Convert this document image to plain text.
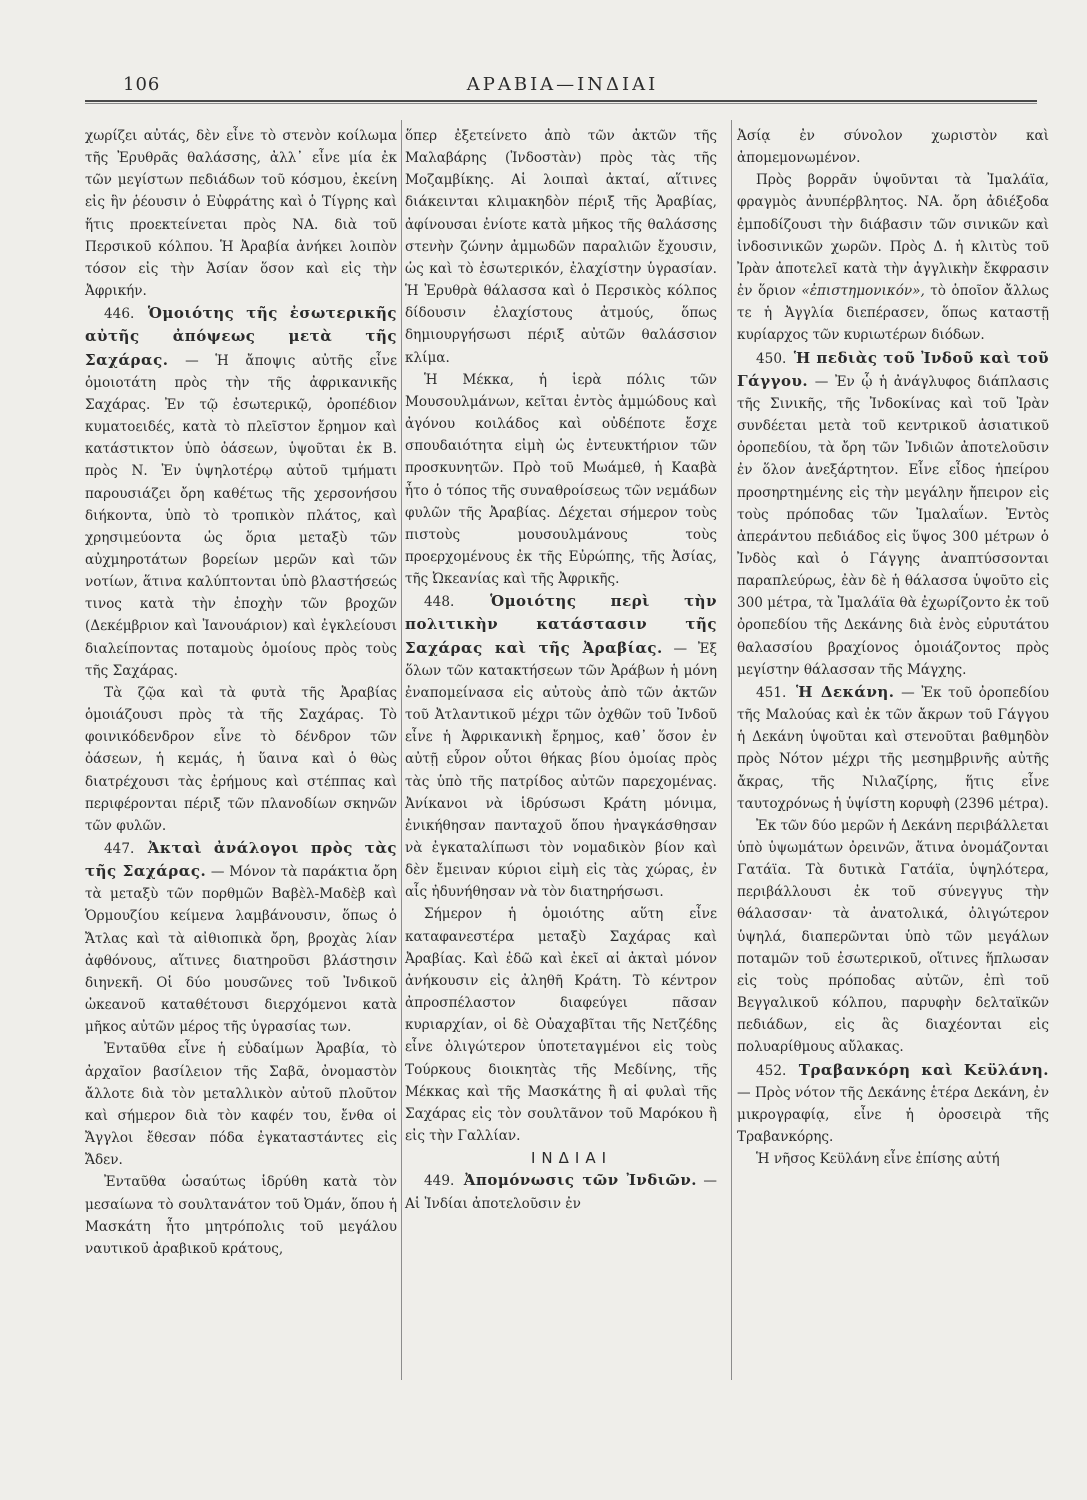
106	ΑΡΑΒΙΑ—ΙΝΔΙΑΙ

χωρίζει αὐτάς, δὲν εἶνε τὸ στενὸν κοίλωμα τῆς Ἐρυθρᾶς θαλάσσης, ἀλλ᾽ εἶνε μία ἐκ τῶν μεγίστων πεδιάδων τοῦ κόσμου, ἐκείνη εἰς ἣν ῥέουσιν ὁ Εὐφράτης καὶ ὁ Τίγρης καὶ ἥτις προεκτείνεται πρὸς ΝΑ. διὰ τοῦ Περσικοῦ κόλπου. Ἡ Ἀραβία ἀνήκει λοιπὸν τόσον εἰς τὴν Ἀσίαν ὅσον καὶ εἰς τὴν Ἀφρικήν.

446. Ὁμοιότης τῆς ἐσωτερικῆς αὐτῆς ἀπόψεως μετὰ τῆς Σαχάρας. — Ἡ ἄποψις αὐτῆς εἶνε ὁμοιοτάτη πρὸς τὴν τῆς ἀφρικανικῆς Σαχάρας. Ἐν τῷ ἐσωτερικῷ, ὀροπέδιον κυματοειδές, κατὰ τὸ πλεῖστον ἔρημον καὶ κατάστικτον ὑπὸ ὀάσεων, ὑψοῦται ἐκ Β. πρὸς Ν. Ἐν ὑψηλοτέρῳ αὐτοῦ τμήματι παρουσιάζει ὄρη καθέτως τῆς χερσονήσου διήκοντα, ὑπὸ τὸ τροπικὸν πλάτος, καὶ χρησιμεύοντα ὡς ὅρια μεταξὺ τῶν αὐχμηροτάτων βορείων μερῶν καὶ τῶν νοτίων, ἅτινα καλύπτονται ὑπὸ βλαστήσεώς τινος κατὰ τὴν ἐποχὴν τῶν βροχῶν (Δεκέμβριον καὶ Ἰανουάριον) καὶ ἐγκλείουσι διαλείποντας ποταμοὺς ὁμοίους πρὸς τοὺς τῆς Σαχάρας.

Τὰ ζῷα καὶ τὰ φυτὰ τῆς Ἀραβίας ὁμοιάζουσι πρὸς τὰ τῆς Σαχάρας. Τὸ φοινικόδενδρον εἶνε τὸ δένδρον τῶν ὀάσεων, ἡ κεμάς, ἡ ὕαινα καὶ ὁ θὼς διατρέχουσι τὰς ἐρήμους καὶ στέππας καὶ περιφέρονται πέριξ τῶν πλανοδίων σκηνῶν τῶν φυλῶν.

447. Ἀκταὶ ἀνάλογοι πρὸς τὰς τῆς Σαχάρας. — Μόνον τὰ παράκτια ὄρη τὰ μεταξὺ τῶν πορθμῶν Βαβὲλ-Μαδὲβ καὶ Ὁρμουζίου κείμενα λαμβάνουσιν, ὅπως ὁ Ἄτλας καὶ τὰ αἰθιοπικὰ ὄρη, βροχὰς λίαν ἀφθόνους, αἵτινες διατηροῦσι βλάστησιν διηνεκῆ. Οἱ δύο μουσῶνες τοῦ Ἰνδικοῦ ὠκεανοῦ καταθέτουσι διερχόμενοι κατὰ μῆκος αὐτῶν μέρος τῆς ὑγρασίας των.

Ἐνταῦθα εἶνε ἡ εὐδαίμων Ἀραβία, τὸ ἀρχαῖον βασίλειον τῆς Σαβᾶ, ὀνομαστὸν ἄλλοτε διὰ τὸν μεταλλικὸν αὐτοῦ πλοῦτον καὶ σήμερον διὰ τὸν καφέν του, ἔνθα οἱ Ἄγγλοι ἔθεσαν πόδα ἐγκαταστάντες εἰς Ἄδεν.

Ἐνταῦθα ὡσαύτως ἱδρύθη κατὰ τὸν μεσαίωνα τὸ σουλτανάτον τοῦ Ὀμάν, ὅπου ἡ Μασκάτη ἦτο μητρόπολις τοῦ μεγάλου ναυτικοῦ ἀραβικοῦ κράτους,

ὅπερ ἐξετείνετο ἀπὸ τῶν ἀκτῶν τῆς Μαλαβάρης (Ἰνδοστὰν) πρὸς τὰς τῆς Μοζαμβίκης. Αἱ λοιπαὶ ἀκταί, αἵτινες διάκεινται κλιμακηδὸν πέριξ τῆς Ἀραβίας, ἀφίνουσαι ἐνίοτε κατὰ μῆκος τῆς θαλάσσης στενὴν ζώνην ἀμμωδῶν παραλιῶν ἔχουσιν, ὡς καὶ τὸ ἐσωτερικόν, ἐλαχίστην ὑγρασίαν. Ἡ Ἐρυθρὰ θάλασσα καὶ ὁ Περσικὸς κόλπος δίδουσιν ἐλαχίστους ἀτμούς, ὅπως δημιουργήσωσι πέριξ αὐτῶν θαλάσσιον κλίμα.

Ἡ Μέκκα, ἡ ἱερὰ πόλις τῶν Μουσουλμάνων, κεῖται ἐντὸς ἀμμώδους καὶ ἀγόνου κοιλάδος καὶ οὐδέποτε ἔσχε σπουδαιότητα εἰμὴ ὡς ἐντευκτήριον τῶν προσκυνητῶν. Πρὸ τοῦ Μωάμεθ, ἡ Κααβὰ ἦτο ὁ τόπος τῆς συναθροίσεως τῶν νεμάδων φυλῶν τῆς Ἀραβίας. Δέχεται σήμερον τοὺς πιστοὺς μουσουλμάνους τοὺς προερχομένους ἐκ τῆς Εὐρώπης, τῆς Ἀσίας, τῆς Ὠκεανίας καὶ τῆς Ἀφρικῆς.

448. Ὁμοιότης περὶ τὴν πολιτικὴν κατάστασιν τῆς Σαχάρας καὶ τῆς Ἀραβίας. — Ἐξ ὅλων τῶν κατακτήσεων τῶν Ἀράβων ἡ μόνη ἐναπομείνασα εἰς αὐτοὺς ἀπὸ τῶν ἀκτῶν τοῦ Ἀτλαντικοῦ μέχρι τῶν ὀχθῶν τοῦ Ἰνδοῦ εἶνε ἡ Ἀφρικανικὴ ἔρημος, καθ᾽ ὅσον ἐν αὐτῇ εὗρον οὗτοι θήκας βίου ὁμοίας πρὸς τὰς ὑπὸ τῆς πατρίδος αὐτῶν παρεχομένας. Ἀνίκανοι νὰ ἱδρύσωσι Κράτη μόνιμα, ἐνικήθησαν πανταχοῦ ὅπου ἠναγκάσθησαν νὰ ἐγκαταλίπωσι τὸν νομαδικὸν βίον καὶ δὲν ἔμειναν κύριοι εἰμὴ εἰς τὰς χώρας, ἐν αἷς ἠδυνήθησαν νὰ τὸν διατηρήσωσι.

Σήμερον ἡ ὁμοιότης αὕτη εἶνε καταφανεστέρα μεταξὺ Σαχάρας καὶ Ἀραβίας. Καὶ ἐδῶ καὶ ἐκεῖ αἱ ἀκταὶ μόνον ἀνήκουσιν εἰς ἀληθῆ Κράτη. Τὸ κέντρον ἀπροσπέλαστον διαφεύγει πᾶσαν κυριαρχίαν, οἱ δὲ Οὐαχαβῖται τῆς Νετζέδης εἶνε ὀλιγώτερον ὑποτεταγμένοι εἰς τοὺς Τούρκους διοικητὰς τῆς Μεδίνης, τῆς Μέκκας καὶ τῆς Μασκάτης ἢ αἱ φυλαὶ τῆς Σαχάρας εἰς τὸν σουλτᾶνον τοῦ Μαρόκου ἢ εἰς τὴν Γαλλίαν.

ΙΝΔΙΑΙ

449. Ἀπομόνωσις τῶν Ἰνδιῶν. — Αἱ Ἰνδίαι ἀποτελοῦσιν ἐν

Ἀσίᾳ ἐν σύνολον χωριστὸν καὶ ἀπομεμονωμένον.

Πρὸς βορρᾶν ὑψοῦνται τὰ Ἰμαλάϊα, φραγμὸς ἀνυπέρβλητος. ΝΑ. ὄρη ἀδιέξοδα ἐμποδίζουσι τὴν διάβασιν τῶν σινικῶν καὶ ἰνδοσινικῶν χωρῶν. Πρὸς Δ. ἡ κλιτὺς τοῦ Ἰρὰν ἀποτελεῖ κατὰ τὴν ἀγγλικὴν ἔκφρασιν ἐν ὅριον «ἐπιστημονικόν», τὸ ὁποῖον ἄλλως τε ἡ Ἀγγλία διεπέρασεν, ὅπως καταστῇ κυρίαρχος τῶν κυριωτέρων διόδων.

450. Ἡ πεδιὰς τοῦ Ἰνδοῦ καὶ τοῦ Γάγγου. — Ἐν ᾧ ἡ ἀνάγλυφος διάπλασις τῆς Σινικῆς, τῆς Ἰνδοκίνας καὶ τοῦ Ἰρὰν συνδέεται μετὰ τοῦ κεντρικοῦ ἀσιατικοῦ ὀροπεδίου, τὰ ὄρη τῶν Ἰνδιῶν ἀποτελοῦσιν ἐν ὅλον ἀνεξάρτητον. Εἶνε εἶδος ἡπείρου προσηρτημένης εἰς τὴν μεγάλην ἤπειρον εἰς τοὺς πρόποδας τῶν Ἰμαλαΐων. Ἐντὸς ἀπεράντου πεδιάδος εἰς ὕψος 300 μέτρων ὁ Ἰνδὸς καὶ ὁ Γάγγης ἀναπτύσσονται παραπλεύρως, ἐὰν δὲ ἡ θάλασσα ὑψοῦτο εἰς 300 μέτρα, τὰ Ἰμαλάϊα θὰ ἐχωρίζοντο ἐκ τοῦ ὀροπεδίου τῆς Δεκάνης διὰ ἑνὸς εὐρυτάτου θαλασσίου βραχίονος ὁμοιάζοντος πρὸς μεγίστην θάλασσαν τῆς Μάγχης.

451. Ἡ Δεκάνη. — Ἐκ τοῦ ὀροπεδίου τῆς Μαλούας καὶ ἐκ τῶν ἄκρων τοῦ Γάγγου ἡ Δεκάνη ὑψοῦται καὶ στενοῦται βαθμηδὸν πρὸς Νότον μέχρι τῆς μεσημβρινῆς αὐτῆς ἄκρας, τῆς Νιλαζίρης, ἥτις εἶνε ταυτοχρόνως ἡ ὑψίστη κορυφὴ (2396 μέτρα).

Ἐκ τῶν δύο μερῶν ἡ Δεκάνη περιβάλλεται ὑπὸ ὑψωμάτων ὀρεινῶν, ἅτινα ὀνομάζονται Γατάϊα. Τὰ δυτικὰ Γατάϊα, ὑψηλότερα, περιβάλλουσι ἐκ τοῦ σύνεγγυς τὴν θάλασσαν· τὰ ἀνατολικά, ὀλιγώτερον ὑψηλά, διαπερῶνται ὑπὸ τῶν μεγάλων ποταμῶν τοῦ ἐσωτερικοῦ, οἵτινες ἥπλωσαν εἰς τοὺς πρόποδας αὐτῶν, ἐπὶ τοῦ Βεγγαλικοῦ κόλπου, παρυφὴν δελταϊκῶν πεδιάδων, εἰς ἃς διαχέονται εἰς πολυαρίθμους αὔλακας.

452. Τραβανκόρη καὶ Κεϋλάνη. — Πρὸς νότον τῆς Δεκάνης ἑτέρα Δεκάνη, ἐν μικρογραφίᾳ, εἶνε ἡ ὀροσειρὰ τῆς Τραβανκόρης.

Ἡ νῆσος Κεϋλάνη εἶνε ἐπίσης αὐτή
